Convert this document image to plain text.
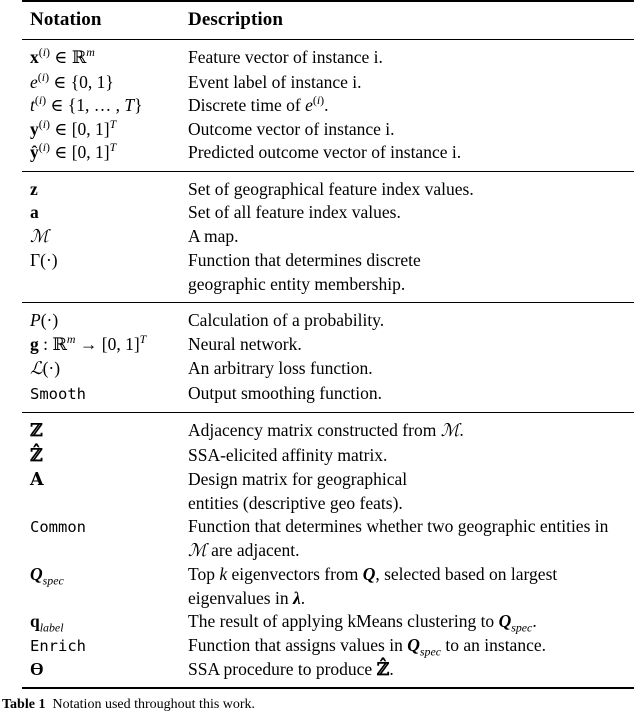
Notation	Description

$x^{(i)}$ ∈ ℝ$^m$	Feature vector of instance i.
$e^{(i)}$ ∈ {0, 1}	Event label of instance i.
$t^{(i)}$ ∈ {1, … , T}	Discrete time of $e^{(i)}$.
$y^{(i)}$ ∈ [0, 1]$^T$	Outcome vector of instance i.
$ŷ^{(i)}$ ∈ [0, 1]$^T$	Predicted outcome vector of instance i.

z	Set of geographical feature index values.
a	Set of all feature index values.
ℳ	A map.
Γ(·)	Function that determines discrete
geographic entity membership.

P(·)	Calculation of a probability.
g : ℝ$^m$ → [0, 1]$^T$	Neural network.
ℒ(·)	An arbitrary loss function.
Smooth	Output smoothing function.

ℤ	Adjacency matrix constructed from ℳ.
ℤ̂	SSA-elicited affinity matrix.
A	Design matrix for geographical
entities (descriptive geo feats).
Common	Function that determines whether two geographic entities in
ℳ are adjacent.
$Q_{spec}$	Top k eigenvectors from Q, selected based on largest
eigenvalues in λ.
$q_{label}$	The result of applying kMeans clustering to $Q_{spec}$.
Enrich	Function that assigns values in $Q_{spec}$ to an instance.
ϴ	SSA procedure to produce ℤ̂.

Table 1 Notation used throughout this work.
